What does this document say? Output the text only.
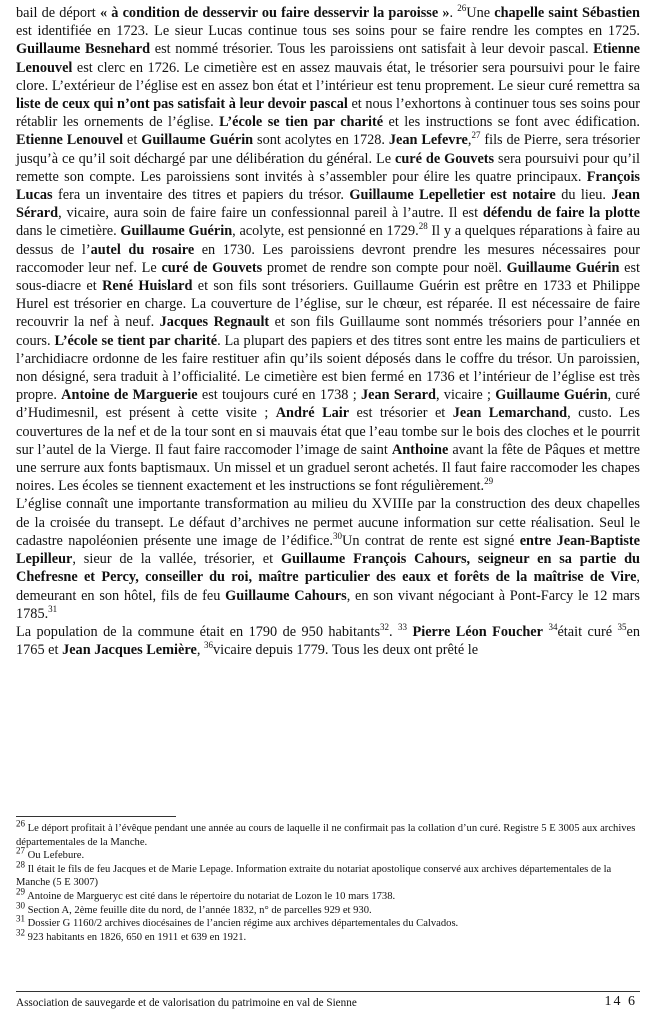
bail de déport « à condition de desservir ou faire desservir la paroisse ». $^{26}$Une chapelle saint Sébastien est identifiée en 1723. Le sieur Lucas continue tous ses soins pour se faire rendre les comptes en 1725. Guillaume Besnehard est nommé trésorier. Tous les paroissiens ont satisfait à leur devoir pascal. Etienne Lenouvel est clerc en 1726. Le cimetière est en assez mauvais état, le trésorier sera poursuivi pour le faire clore. L’extérieur de l’église est en assez bon état et l’intérieur est tenu proprement. Le sieur curé remettra sa liste de ceux qui n’ont pas satisfait à leur devoir pascal et nous l’exhortons à continuer tous ses soins pour rétablir les ornements de l’église. L’école se tien par charité et les instructions se font avec édification. Etienne Lenouvel et Guillaume Guérin sont acolytes en 1728. Jean Lefevre,$^{27}$ fils de Pierre, sera trésorier jusqu’à ce qu’il soit déchargé par une délibération du général. Le curé de Gouvets sera poursuivi pour qu’il remette son compte. Les paroissiens sont invités à s’assembler pour élire les quatre principaux. François Lucas fera un inventaire des titres et papiers du trésor. Guillaume Lepelletier est notaire du lieu. Jean Sérard, vicaire, aura soin de faire faire un confessionnal pareil à l’autre. Il est défendu de faire la plotte dans le cimetière. Guillaume Guérin, acolyte, est pensionné en 1729.28 Il y a quelques réparations à faire au dessus de l’autel du rosaire en 1730. Les paroissiens devront prendre les mesures nécessaires pour raccomoder leur nef. Le curé de Gouvets promet de rendre son compte pour noël. Guillaume Guérin est sous-diacre et René Huislard et son fils sont trésoriers. Guillaume Guérin est prêtre en 1733 et Philippe Hurel est trésorier en charge. La couverture de l’église, sur le chœur, est réparée. Il est nécessaire de faire recouvrir la nef à neuf. Jacques Regnault et son fils Guillaume sont nommés trésoriers pour l’année en cours. L’école se tient par charité. La plupart des papiers et des titres sont entre les mains de particuliers et l’archidiacre ordonne de les faire restituer afin qu’ils soient déposés dans le coffre du trésor. Un paroissien, non désigné, sera traduit à l’officialité. Le cimetière est bien fermé en 1736 et l’intérieur de l’église est très propre. Antoine de Marguerie est toujours curé en 1738 ; Jean Serard, vicaire ; Guillaume Guérin, curé d’Hudimesnil, est présent à cette visite ; André Lair est trésorier et Jean Lemarchand, custo. Les couvertures de la nef et de la tour sont en si mauvais état que l’eau tombe sur le bois des cloches et le pourrit sur l’autel de la Vierge. Il faut faire raccomoder l’image de saint Anthoine avant la fête de Pâques et mettre une serrure aux fonts baptismaux. Un missel et un graduel seront achetés. Il faut faire raccomoder les chapes noires. Les écoles se tiennent exactement et les instructions se font régulièrement.$^{29}$

L’église connaît une importante transformation au milieu du XVIIIe par la construction des deux chapelles de la croisée du transept. Le défaut d’archives ne permet aucune information sur cette réalisation. Seul le cadastre napoléonien présente une image de l’édifice.$^{30}$Un contrat de rente est signé entre Jean-Baptiste Lepilleur, sieur de la vallée, trésorier, et Guillaume François Cahours, seigneur en sa partie du Chefresne et Percy, conseiller du roi, maître particulier des eaux et forêts de la maîtrise de Vire, demeurant en son hôtel, fils de feu Guillaume Cahours, en son vivant négociant à Pont-Farcy le 12 mars 1785.31

La population de la commune était en 1790 de 950 habitants$^{32}$. $^{33}$ Pierre Léon Foucher $^{34}$était curé $^{35}$en 1765 et Jean Jacques Lemière, $^{36}$vicaire depuis 1779. Tous les deux ont prêté le

$^{26}$ Le déport profitait à l’évêque pendant une année au cours de laquelle il ne confirmait pas la collation d’un curé. Registre 5 E 3005 aux archives départementales de la Manche.

$^{27}$ Ou Lefebure.

$^{28}$ Il était le fils de feu Jacques et de Marie Lepage. Information extraite du notariat apostolique conservé aux archives départementales de la Manche (5 E 3007)

$^{29}$ Antoine de Margueryc est cité dans le répertoire du notariat de Lozon le 10 mars 1738.

$^{30}$ Section A, 2ème feuille dite du nord, de l’année 1832, n° de parcelles 929 et 930.

$^{31}$ Dossier G 1160/2 archives diocésaines de l’ancien régime aux archives départementales du Calvados.

$^{32}$ 923 habitants en 1826, 650 en 1911 et 639 en 1921.

Association de sauvegarde et de valorisation du patrimoine en val de Sienne	14 6
